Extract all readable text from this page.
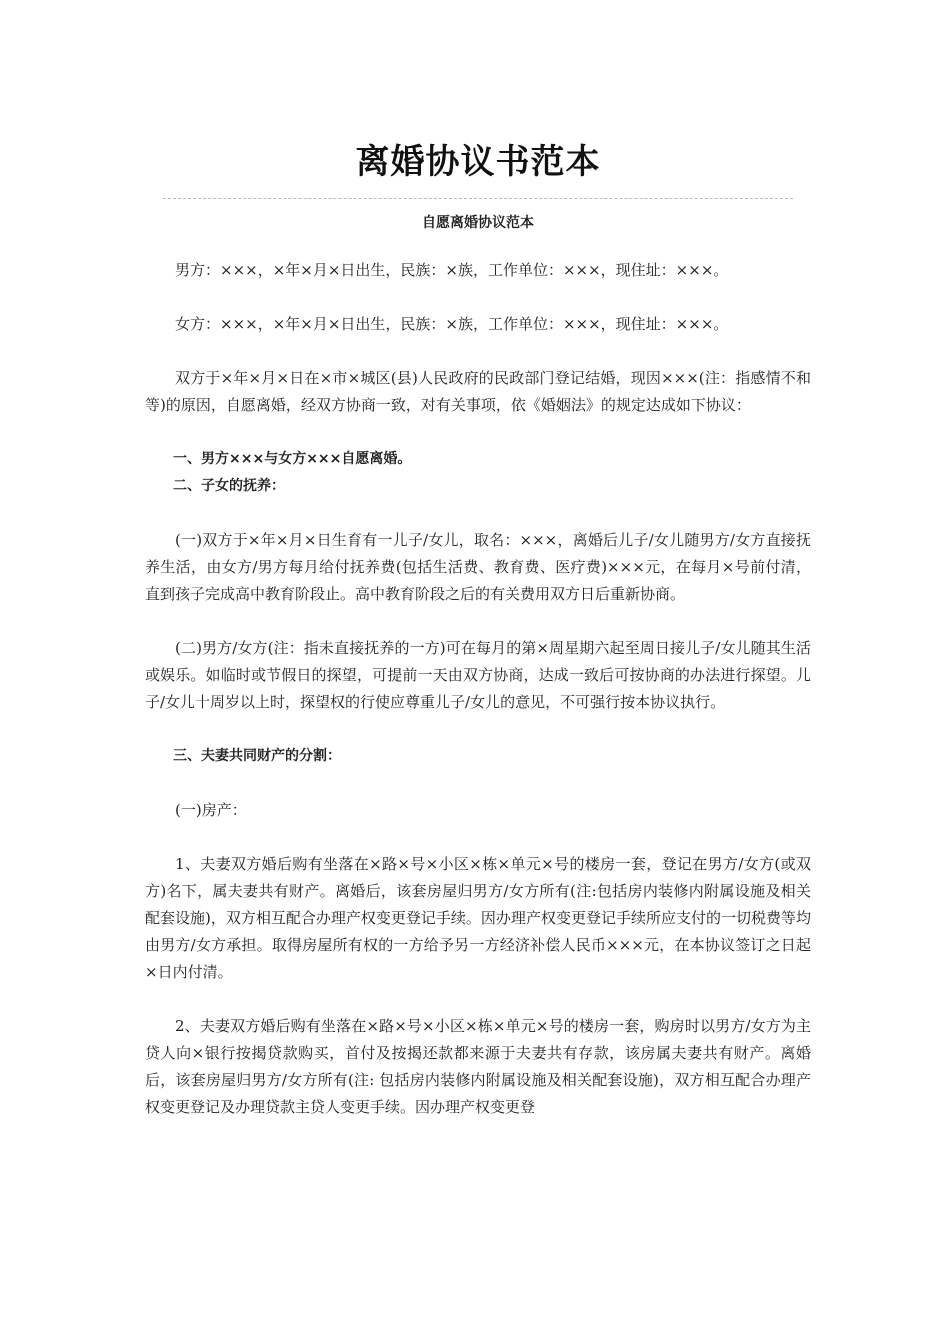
离婚协议书范本
自愿离婚协议范本

男方：×××，×年×月×日出生，民族：×族，工作单位：×××，现住址：×××。

女方：×××，×年×月×日出生，民族：×族，工作单位：×××，现住址：×××。

双方于×年×月×日在×市×城区(县)人民政府的民政部门登记结婚，现因×××(注：指感情不和等)的原因，自愿离婚，经双方协商一致，对有关事项，依《婚姻法》的规定达成如下协议：

一、男方×××与女方×××自愿离婚。

二、子女的抚养：

(一)双方于×年×月×日生育有一儿子/女儿，取名：×××，离婚后儿子/女儿随男方/女方直接抚养生活，由女方/男方每月给付抚养费(包括生活费、教育费、医疗费)×××元，在每月×号前付清，直到孩子完成高中教育阶段止。高中教育阶段之后的有关费用双方日后重新协商。

(二)男方/女方(注：指未直接抚养的一方)可在每月的第×周星期六起至周日接儿子/女儿随其生活或娱乐。如临时或节假日的探望，可提前一天由双方协商，达成一致后可按协商的办法进行探望。儿子/女儿十周岁以上时，探望权的行使应尊重儿子/女儿的意见，不可强行按本协议执行。

三、夫妻共同财产的分割：

(一)房产：

1、夫妻双方婚后购有坐落在×路×号×小区×栋×单元×号的楼房一套，登记在男方/女方(或双方)名下，属夫妻共有财产。离婚后，该套房屋归男方/女方所有(注:包括房内装修内附属设施及相关配套设施)，双方相互配合办理产权变更登记手续。因办理产权变更登记手续所应支付的一切税费等均由男方/女方承担。取得房屋所有权的一方给予另一方经济补偿人民币×××元，在本协议签订之日起×日内付清。

2、夫妻双方婚后购有坐落在×路×号×小区×栋×单元×号的楼房一套，购房时以男方/女方为主贷人向×银行按揭贷款购买，首付及按揭还款都来源于夫妻共有存款，该房属夫妻共有财产。离婚后，该套房屋归男方/女方所有(注: 包括房内装修内附属设施及相关配套设施)，双方相互配合办理产权变更登记及办理贷款主贷人变更手续。因办理产权变更登
